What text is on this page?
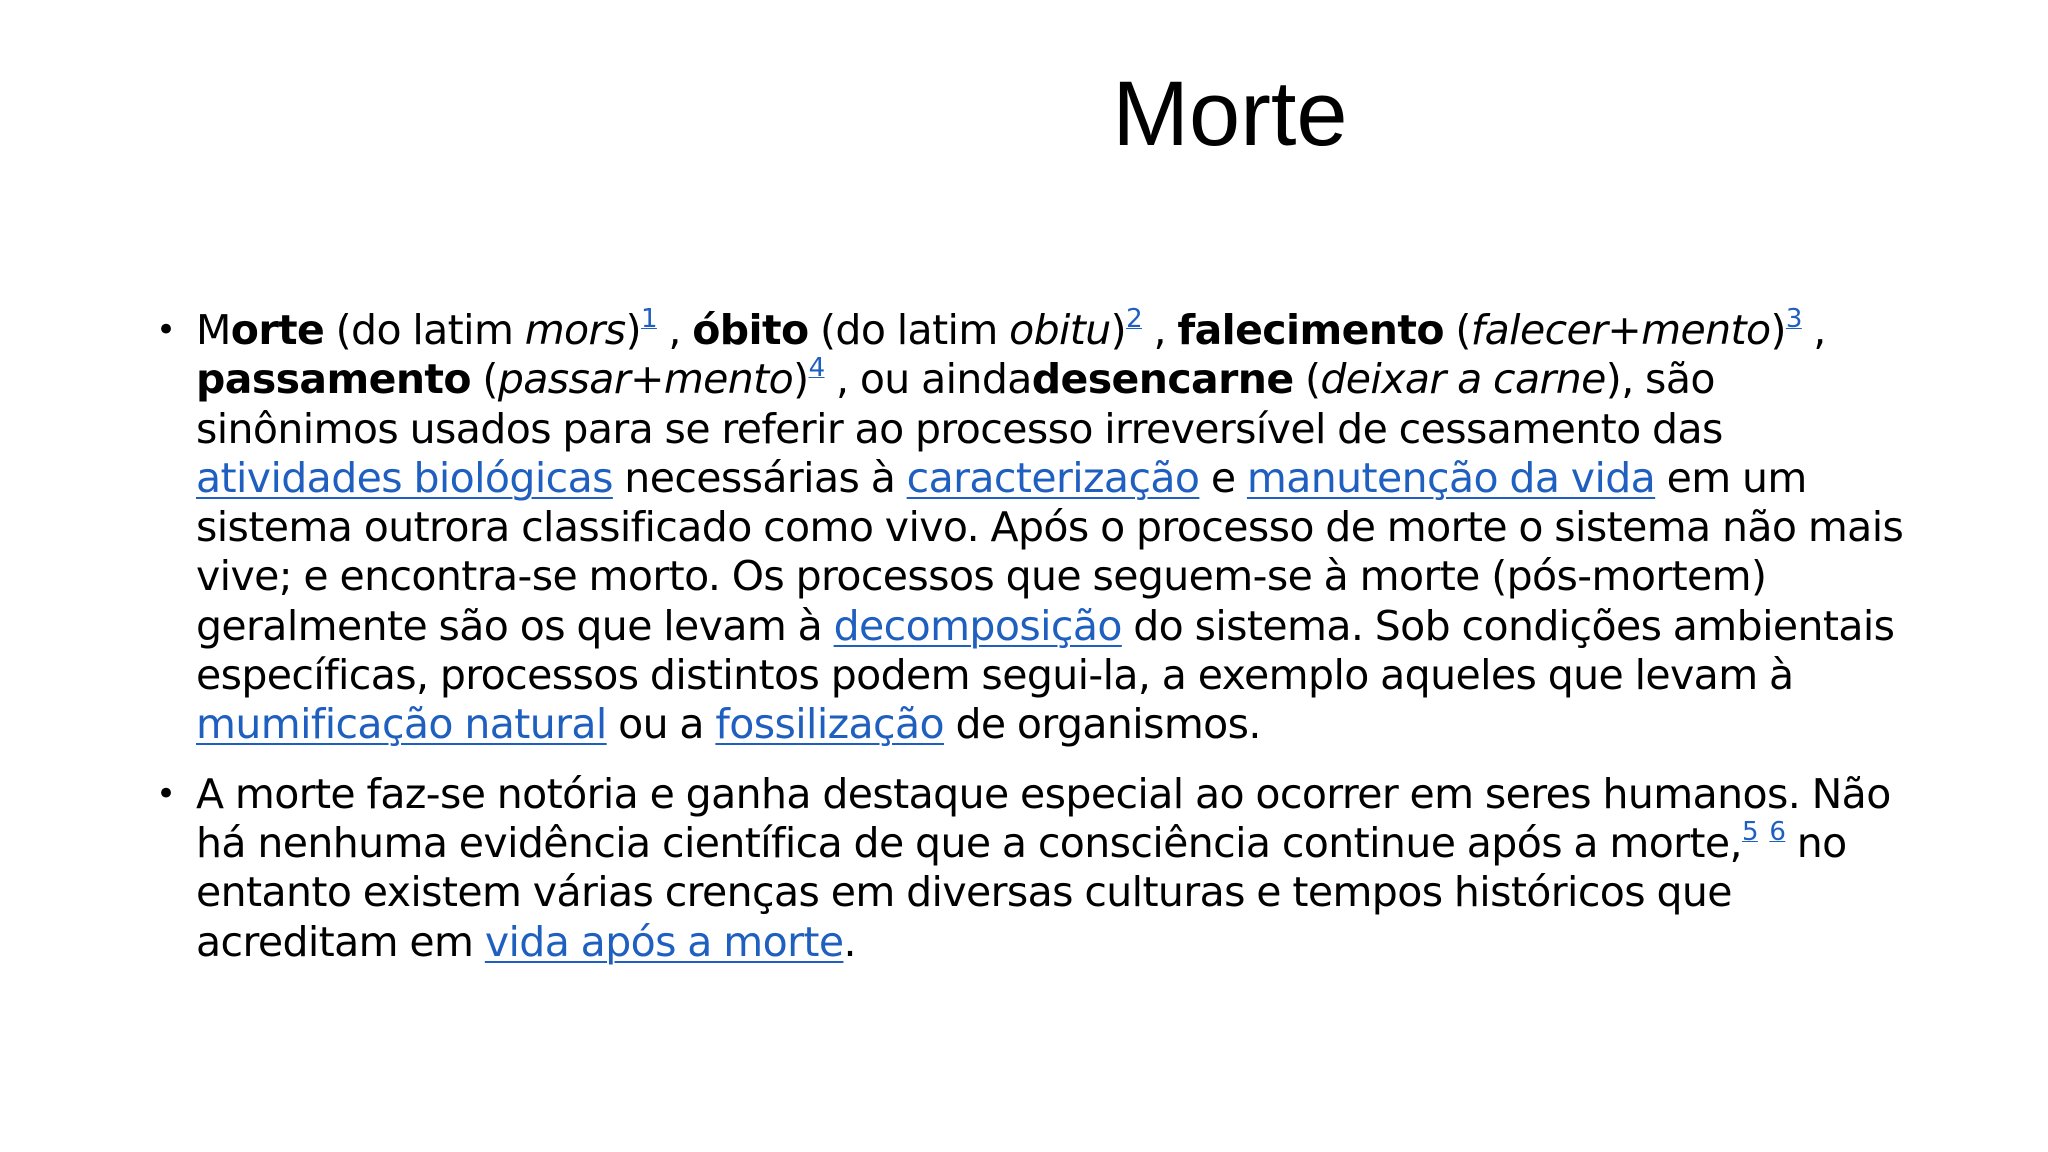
Morte
• Morte (do latim mors)$^1$ , óbito (do latim obitu)$^2$ , falecimento (falecer+mento)$^3$ , passamento (passar+mento)$^4$ , ou aindadesencarne (deixar a carne), são sinônimos usados para se referir ao processo irreversível de cessamento das atividades biológicas necessárias à caracterização e manutenção da vida em um sistema outrora classificado como vivo. Após o processo de morte o sistema não mais vive; e encontra-se morto. Os processos que seguem-se à morte (pós-mortem) geralmente são os que levam à decomposição do sistema. Sob condições ambientais específicas, processos distintos podem segui-la, a exemplo aqueles que levam à mumificação natural ou a fossilização de organismos.
• A morte faz-se notória e ganha destaque especial ao ocorrer em seres humanos. Não há nenhuma evidência científica de que a consciência continue após a morte,$^5$ $^6$ no entanto existem várias crenças em diversas culturas e tempos históricos que acreditam em vida após a morte.
